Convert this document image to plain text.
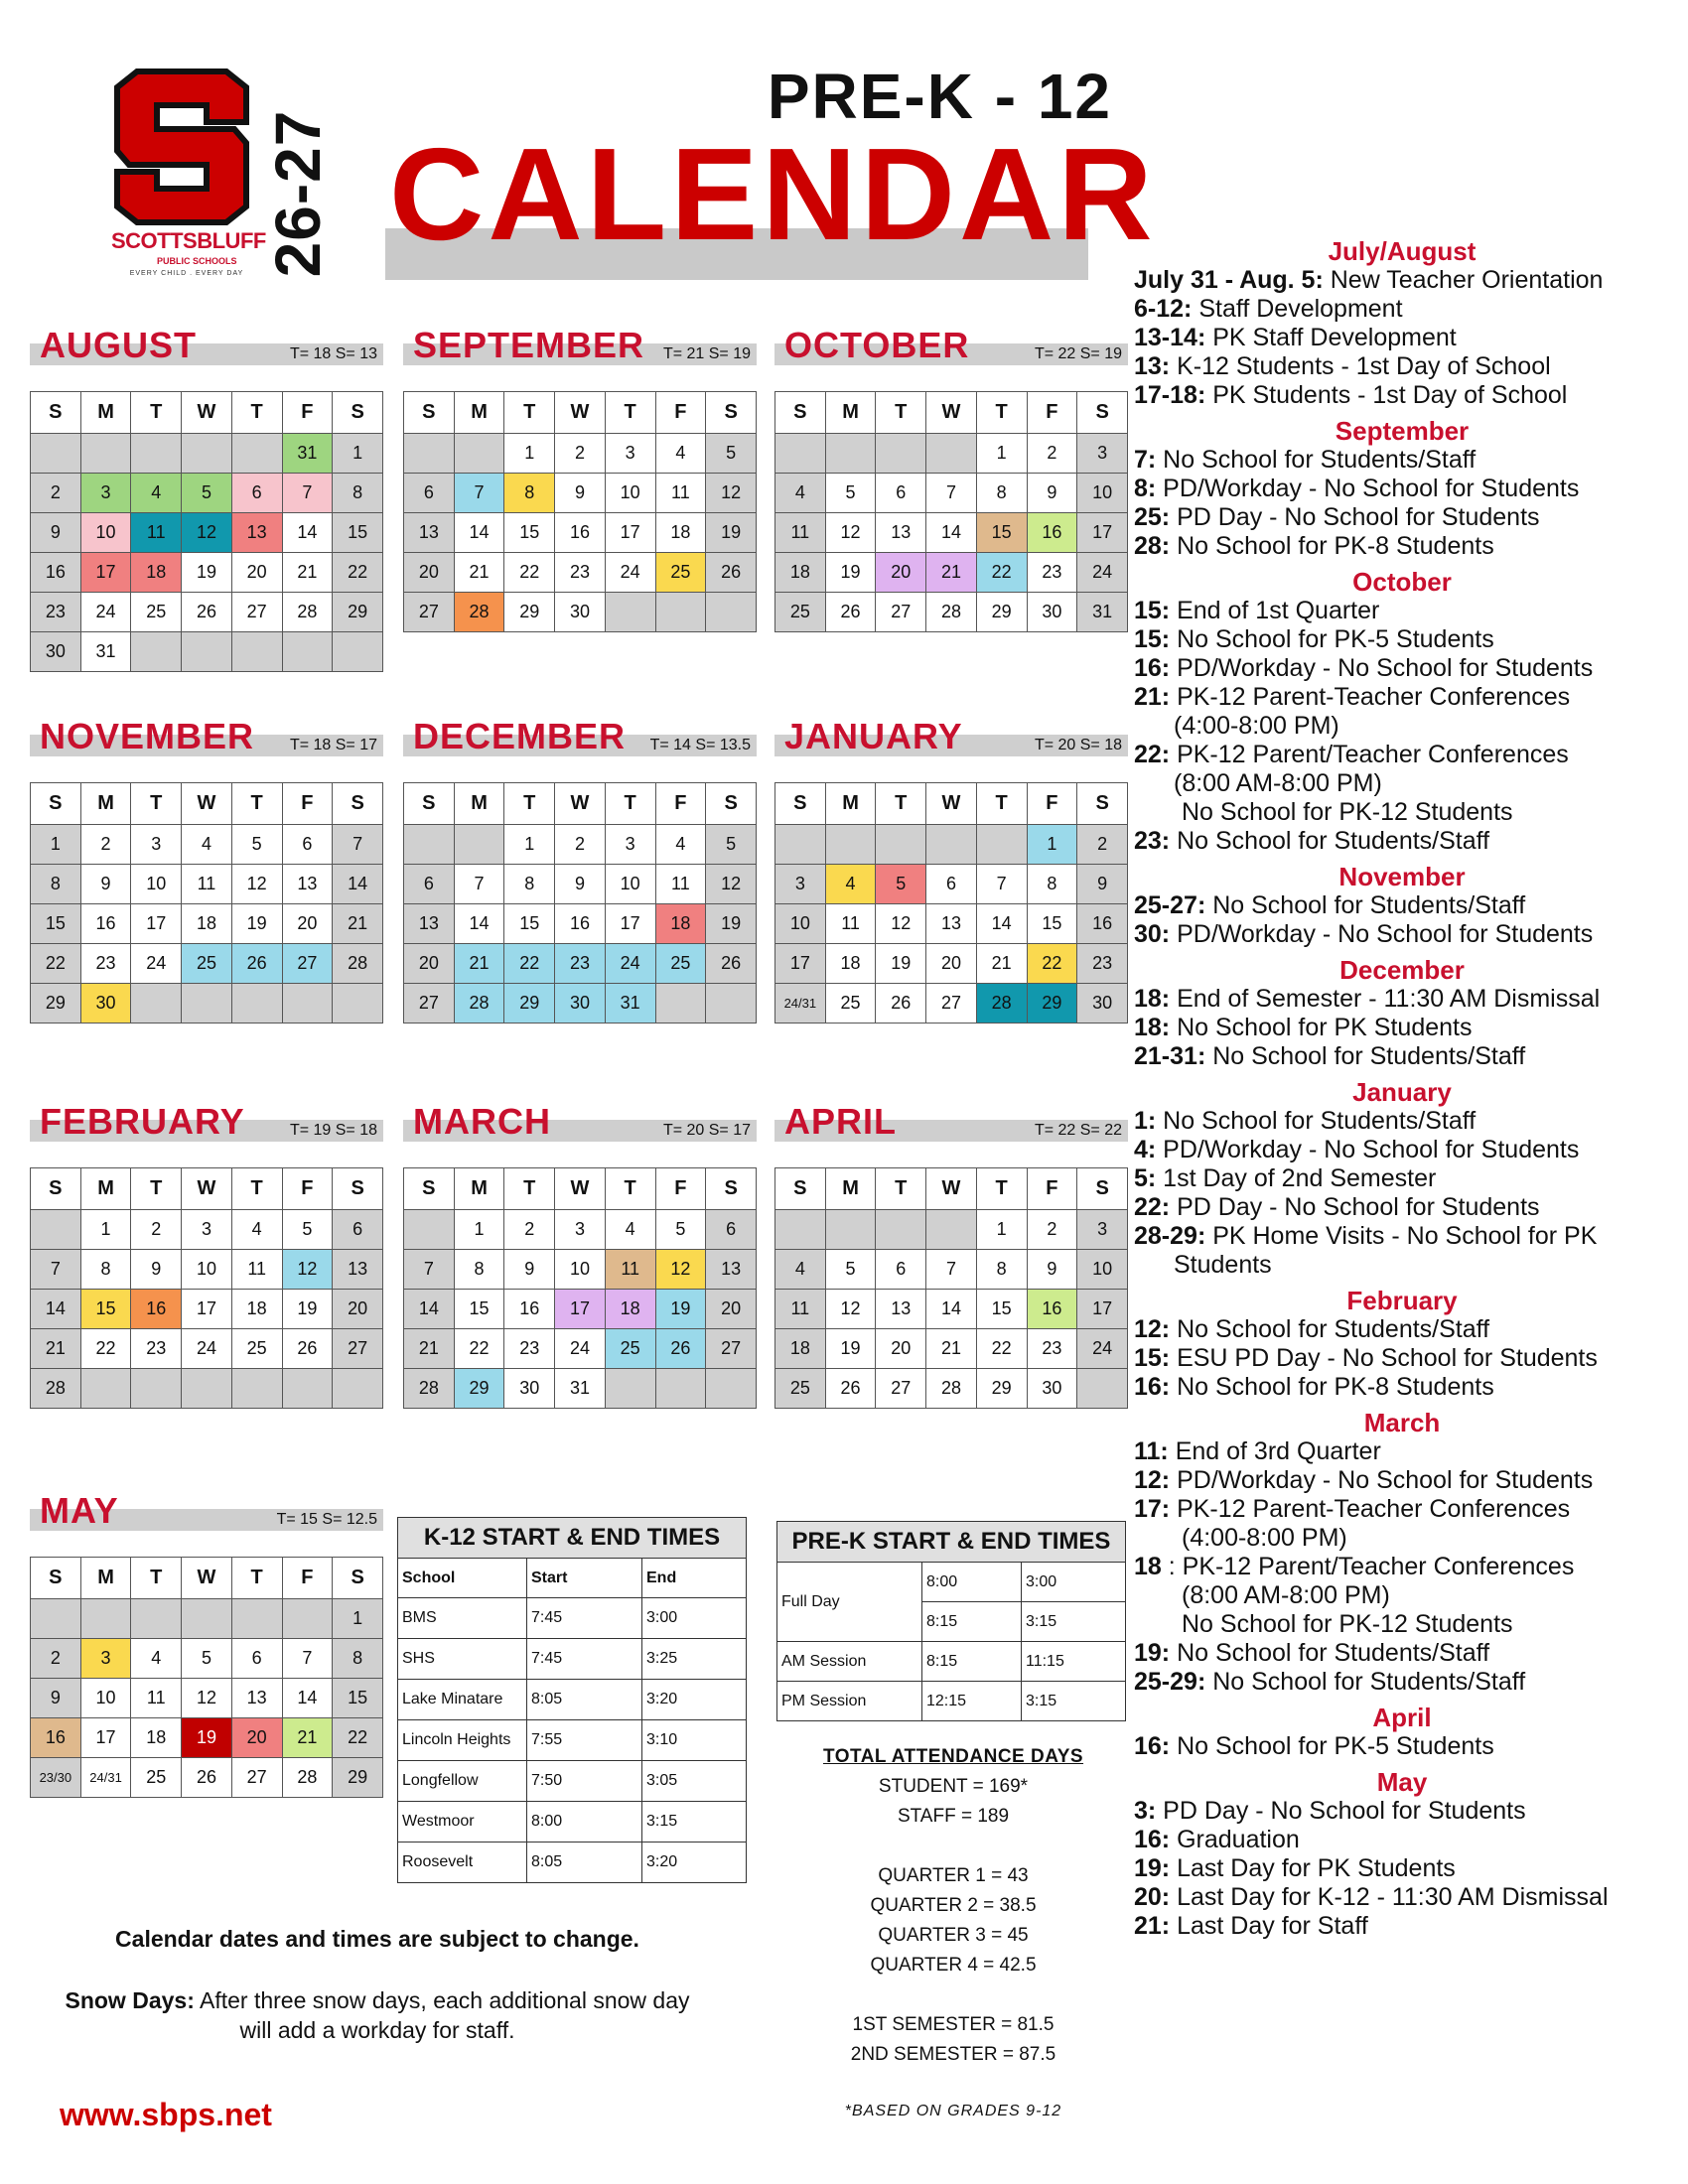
SCOTTSBLUFF
PUBLIC SCHOOLS
EVERY CHILD . EVERY DAY 26-27
PRE-K - 12
CALENDAR
AUGUST	T= 18 S= 13
S	M	T	W	T	F	S
					31	1
2	3	4	5	6	7	8
9	10	11	12	13	14	15
16	17	18	19	20	21	22
23	24	25	26	27	28	29
30	31					
SEPTEMBER T= 21 S= 19
S	M	T	W	T	F	S
		1	2	3	4	5
6	7	8	9	10	11	12
13	14	15	16	17	18	19
20	21	22	23	24	25	26
27	28	29	30			
OCTOBER	T= 22 S= 19
S	M	T	W	T	F	S
				1	2	3
4	5	6	7	8	9	10
11	12	13	14	15	16	17
18	19	20	21	22	23	24
25	26	27	28	29	30	31
NOVEMBER T= 18 S= 17
S	M	T	W	T	F	S
1	2	3	4	5	6	7
8	9	10	11	12	13	14
15	16	17	18	19	20	21
22	23	24	25	26	27	28
29	30					
DECEMBER T= 14 S= 13.5
S	M	T	W	T	F	S
		1	2	3	4	5
6	7	8	9	10	11	12
13	14	15	16	17	18	19
20	21	22	23	24	25	26
27	28	29	30	31		
JANUARY	T= 20 S= 18
S	M	T	W	T	F	S
					1	2
3	4	5	6	7	8	9
10	11	12	13	14	15	16
17	18	19	20	21	22	23
24/31	25	26	27	28	29	30
FEBRUARY	T= 19 S= 18
S	M	T	W	T	F	S
	1	2	3	4	5	6
7	8	9	10	11	12	13
14	15	16	17	18	19	20
21	22	23	24	25	26	27
28						
MARCH	T= 20 S= 17
S	M	T	W	T	F	S
	1	2	3	4	5	6
7	8	9	10	11	12	13
14	15	16	17	18	19	20
21	22	23	24	25	26	27
28	29	30	31			
APRIL	T= 22 S= 22
S	M	T	W	T	F	S
				1	2	3
4	5	6	7	8	9	10
11	12	13	14	15	16	17
18	19	20	21	22	23	24
25	26	27	28	29	30	
MAY	T= 15 S= 12.5
S	M	T	W	T	F	S
						1
2	3	4	5	6	7	8
9	10	11	12	13	14	15
16	17	18	19	20	21	22
23/30	24/31	25	26	27	28	29
K-12 START & END TIMES		
School	Start	End
BMS	7:45	3:00
SHS	7:45	3:25
Lake Minatare	8:05	3:20
Lincoln Heights	7:55	3:10
Longfellow	7:50	3:05
Westmoor	8:00	3:15
Roosevelt	8:05	3:20
PRE-K START & END TIMES		
Full Day	8:00	3:00
	8:15	3:15
AM Session	8:15	11:15
PM Session	12:15	3:15
TOTAL ATTENDANCE DAYS
STUDENT = 169*
STAFF = 189
QUARTER 1 = 43
QUARTER 2 = 38.5
QUARTER 3 = 45
QUARTER 4 = 42.5
1ST SEMESTER = 81.5
2ND SEMESTER = 87.5
*BASED ON GRADES 9-12
Calendar dates and times are subject to change.
Snow Days: After three snow days, each additional snow day will add a workday for staff.
www.sbps.net
July/August
July 31 - Aug. 5: New Teacher Orientation
6-12: Staff Development
13-14: PK Staff Development
13: K-12 Students - 1st Day of School
17-18: PK Students - 1st Day of School
September
7: No School for Students/Staff
8: PD/Workday - No School for Students
25: PD Day - No School for Students
28: No School for PK-8 Students
October
15: End of 1st Quarter
15: No School for PK-5 Students
16: PD/Workday - No School for Students
21: PK-12 Parent-Teacher Conferences
(4:00-8:00 PM)
22: PK-12 Parent/Teacher Conferences
(8:00 AM-8:00 PM)
No School for PK-12 Students
23: No School for Students/Staff
November
25-27: No School for Students/Staff
30: PD/Workday - No School for Students
December
18: End of Semester - 11:30 AM Dismissal
18: No School for PK Students
21-31: No School for Students/Staff
January
1: No School for Students/Staff
4: PD/Workday - No School for Students
5: 1st Day of 2nd Semester
22: PD Day - No School for Students
28-29: PK Home Visits - No School for PK
Students
February
12: No School for Students/Staff
15: ESU PD Day - No School for Students
16: No School for PK-8 Students
March
11: End of 3rd Quarter
12: PD/Workday - No School for Students
17: PK-12 Parent-Teacher Conferences
(4:00-8:00 PM)
18 : PK-12 Parent/Teacher Conferences
(8:00 AM-8:00 PM)
No School for PK-12 Students
19: No School for Students/Staff
25-29: No School for Students/Staff
April
16: No School for PK-5 Students
May
3: PD Day - No School for Students
16: Graduation
19: Last Day for PK Students
20: Last Day for K-12 - 11:30 AM Dismissal
21: Last Day for Staff
